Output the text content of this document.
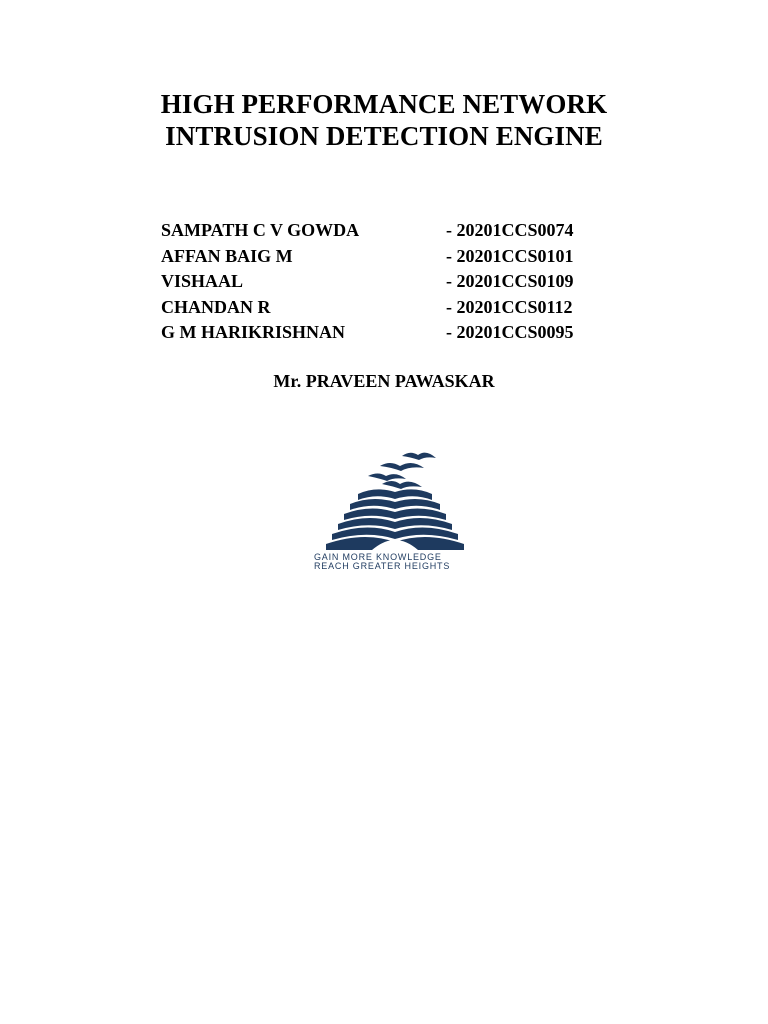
HIGH PERFORMANCE NETWORK
INTRUSION DETECTION ENGINE
SAMPATH C V GOWDA	- 20201CCS0074
AFFAN BAIG M	- 20201CCS0101
VISHAAL	- 20201CCS0109
CHANDAN R	- 20201CCS0112
G M HARIKRISHNAN	- 20201CCS0095
Mr. PRAVEEN PAWASKAR
GAIN MORE KNOWLEDGE
REACH GREATER HEIGHTS
